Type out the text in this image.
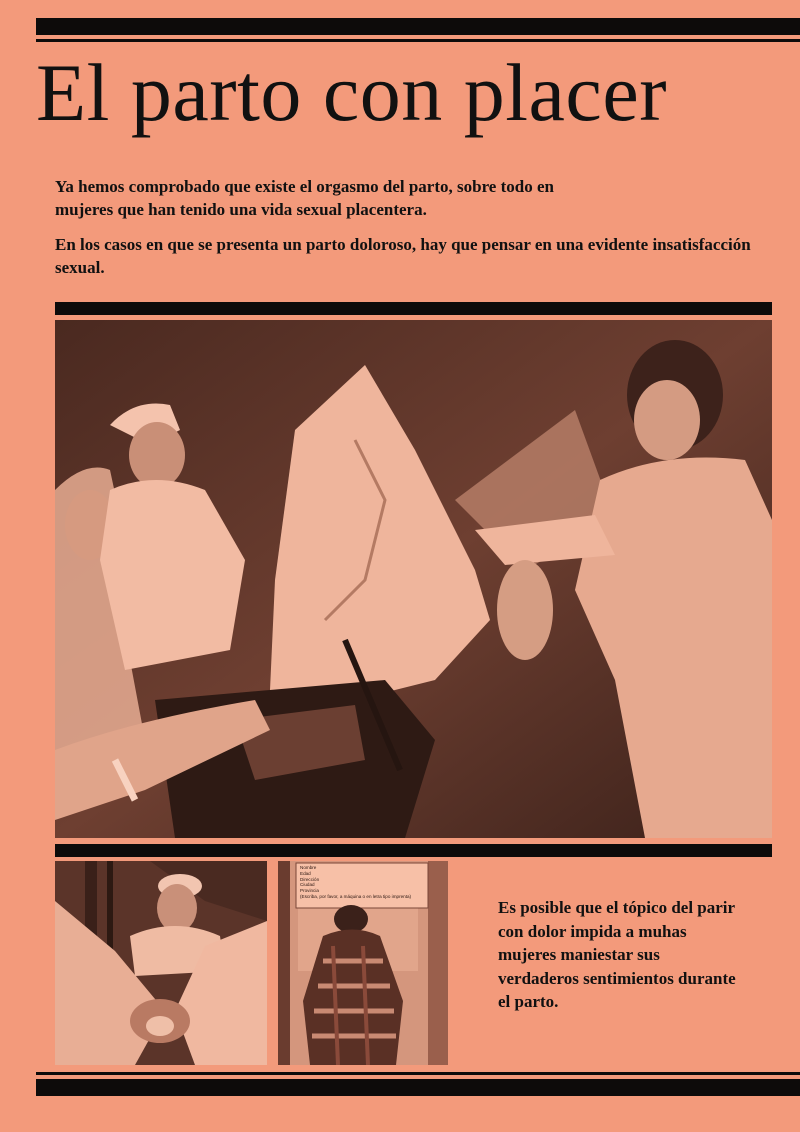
El parto con placer

Ya hemos comprobado que existe el orgasmo del parto, sobre todo en mujeres que han tenido una vida sexual placentera.

En los casos en que se presenta un parto doloroso, hay que pensar en una evidente insatisfacción sexual.

Nombre
Edad
Dirección
Ciudad
Provincia
(Escriba, por favor, a máquina o en letra tipo imprenta)

Es posible que el tópico del parir con dolor impida a muhas mujeres maniestar sus verdaderos sentimientos durante el parto.
